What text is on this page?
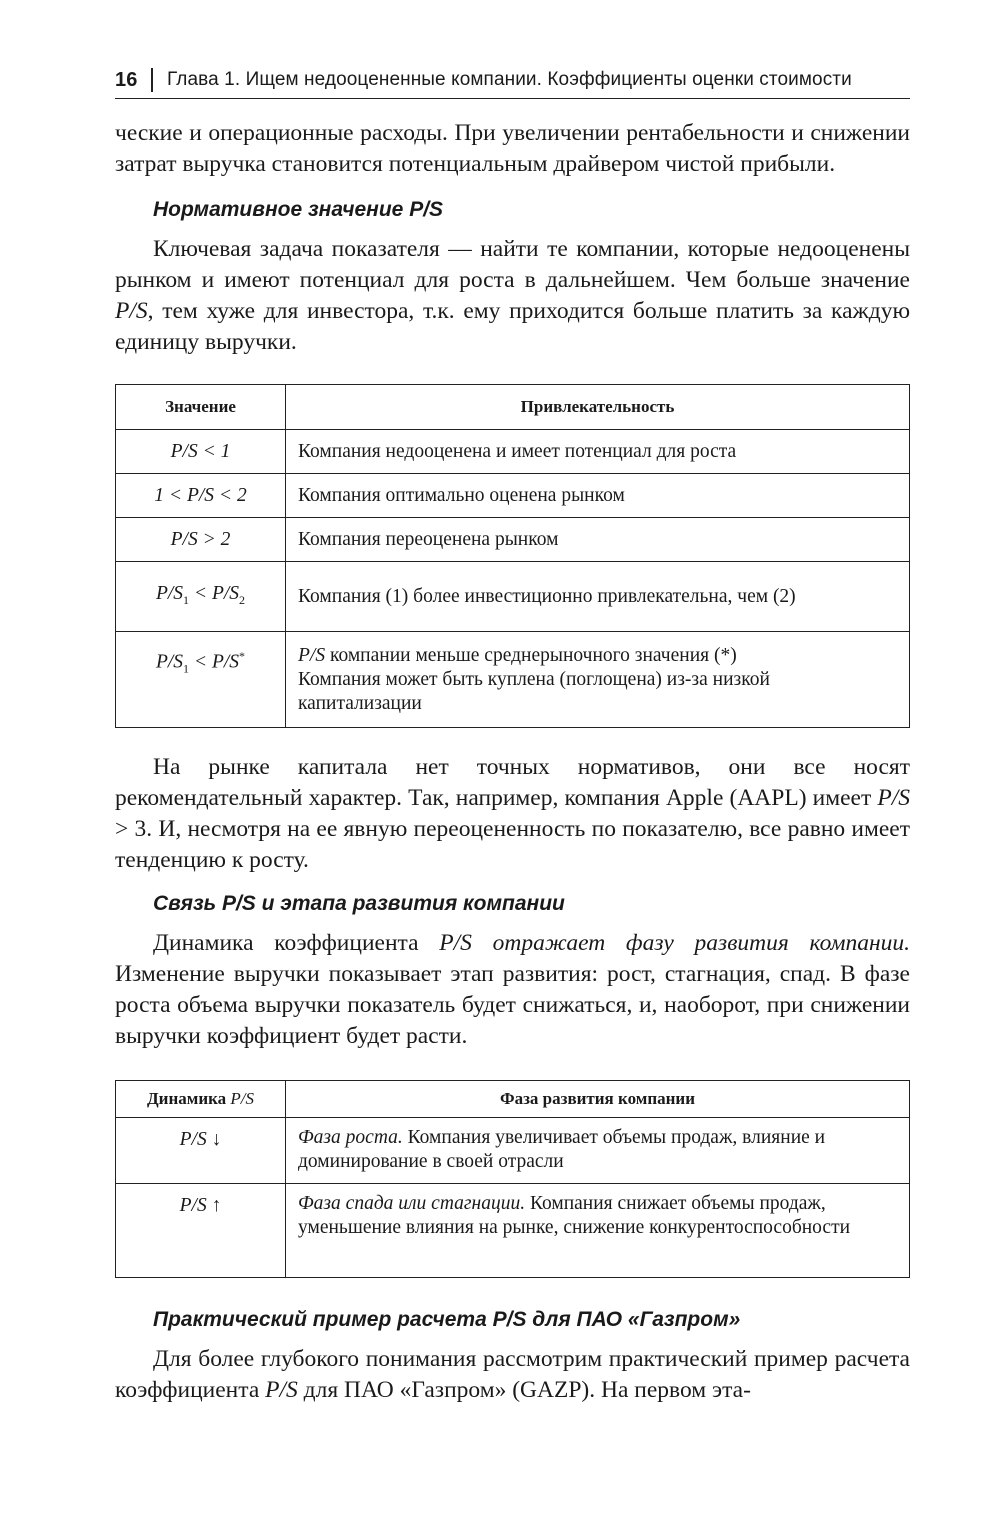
16 Глава 1. Ищем недооцененные компании. Коэффициенты оценки стоимости

ческие и операционные расходы. При увеличении рентабельности и снижении затрат выручка становится потенциальным драйвером чистой прибыли.

Нормативное значение P/S

Ключевая задача показателя — найти те компании, которые недооценены рынком и имеют потенциал для роста в дальнейшем. Чем больше значение P/S, тем хуже для инвестора, т.к. ему приходится больше платить за каждую единицу выручки.

Значение	Привлекательность
P/S < 1	Компания недооценена и имеет потенциал для роста
1 < P/S < 2	Компания оптимально оценена рынком
P/S > 2	Компания переоценена рынком
$P/S_1 < P/S_2$	Компания (1) более инвестиционно привлекательна, чем (2)
$P/S_1 < P/S^*$	P/S компании меньше среднерыночного значения (*)
Компания может быть куплена (поглощена) из-за низкой капитализации

На рынке капитала нет точных нормативов, они все носят рекомендательный характер. Так, например, компания Apple (AAPL) имеет P/S > 3. И, несмотря на ее явную переоцененность по показателю, все равно имеет тенденцию к росту.

Связь P/S и этапа развития компании

Динамика коэффициента P/S отражает фазу развития компании. Изменение выручки показывает этап развития: рост, стагнация, спад. В фазе роста объема выручки показатель будет снижаться, и, наоборот, при снижении выручки коэффициент будет расти.

Динамика P/S	Фаза развития компании
P/S ↓	Фаза роста. Компания увеличивает объемы продаж, влияние и доминирование в своей отрасли
P/S ↑	Фаза спада или стагнации. Компания снижает объемы продаж, уменьшение влияния на рынке, снижение конкурентоспособности
Практический пример расчета P/S для ПАО «Газпром»

Для более глубокого понимания рассмотрим практический пример расчета коэффициента P/S для ПАО «Газпром» (GAZP). На первом эта-
